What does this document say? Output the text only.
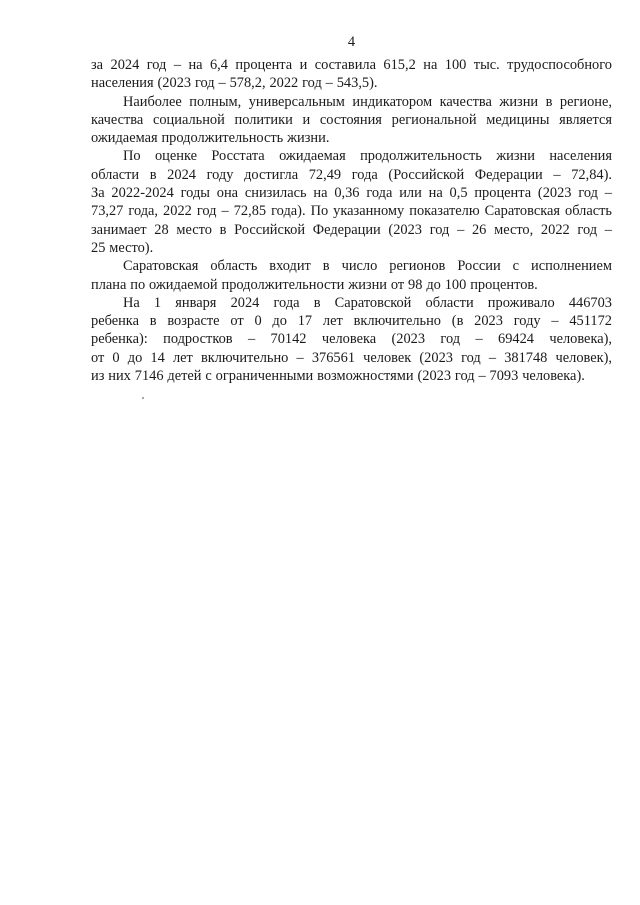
4
за 2024 год – на 6,4 процента и составила 615,2 на 100 тыс. трудоспособного
населения (2023 год – 578,2, 2022 год – 543,5).
Наиболее полным, универсальным индикатором качества жизни в регионе,
качества социальной политики и состояния региональной медицины является
ожидаемая продолжительность жизни.
По оценке Росстата ожидаемая продолжительность жизни населения
области в 2024 году достигла 72,49 года (Российской Федерации – 72,84).
За 2022-2024 годы она снизилась на 0,36 года или на 0,5 процента (2023 год –
73,27 года, 2022 год – 72,85 года). По указанному показателю Саратовская область
занимает 28 место в Российской Федерации (2023 год – 26 место, 2022 год –
25 место).
Саратовская область входит в число регионов России с исполнением
плана по ожидаемой продолжительности жизни от 98 до 100 процентов.
На 1 января 2024 года в Саратовской области проживало 446703
ребенка в возрасте от 0 до 17 лет включительно (в 2023 году – 451172
ребенка): подростков – 70142 человека (2023 год – 69424 человека),
от 0 до 14 лет включительно – 376561 человек (2023 год – 381748 человек),
из них 7146 детей с ограниченными возможностями (2023 год – 7093 человека).
